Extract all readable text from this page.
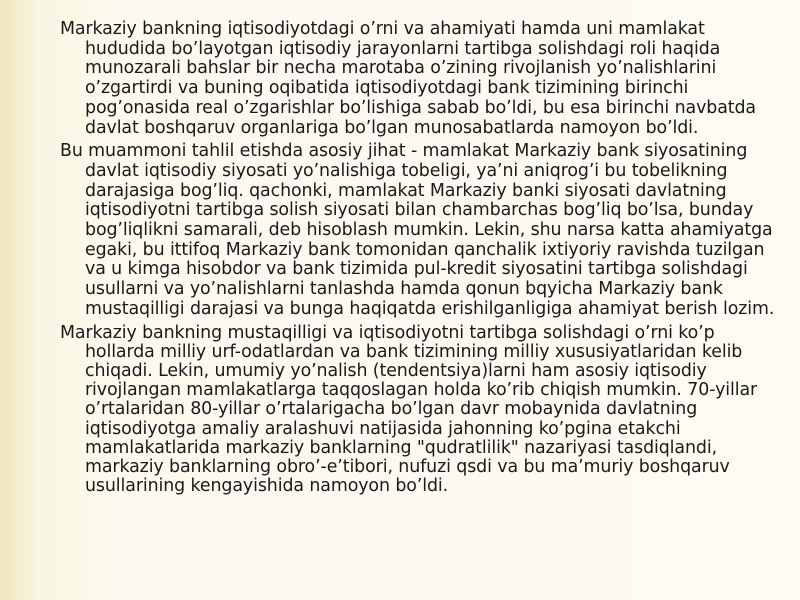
Markaziy bankning iqtisodiyotdagi o’rni va ahamiyati hamda uni mamlakat hududida bo’layotgan iqtisodiy jarayonlarni tartibga solishdagi roli haqida munozarali bahslar bir necha marotaba o’zining rivojlanish yo’nalishlarini o’zgartirdi va buning oqibatida iqtisodiyotdagi bank tizimining birinchi pog’onasida real o’zgarishlar bo’lishiga sabab bo’ldi, bu esa birinchi navbatda davlat boshqaruv organlariga bo’lgan munosabatlarda namoyon bo’ldi.

Bu muammoni tahlil etishda asosiy jihat - mamlakat Markaziy bank siyosatining davlat iqtisodiy siyosati yo’nalishiga tobeligi, ya’ni aniqrog’i bu tobelikning darajasiga bog’liq. qachonki, mamlakat Markaziy banki siyosati davlatning iqtisodiyotni tartibga solish siyosati bilan chambarchas bog’liq bo’lsa, bunday bog’liqlikni samarali, deb hisoblash mumkin. Lekin, shu narsa katta ahamiyatga egaki, bu ittifoq Markaziy bank tomonidan qanchalik ixtiyoriy ravishda tuzilgan va u kimga hisobdor va bank tizimida pul-kredit siyosatini tartibga solishdagi usullarni va yo’nalishlarni tanlashda hamda qonun bqyicha Markaziy bank mustaqilligi darajasi va bunga haqiqatda erishilganligiga ahamiyat berish lozim.

Markaziy bankning mustaqilligi va iqtisodiyotni tartibga solishdagi o’rni ko’p hollarda milliy urf-odatlardan va bank tizimining milliy xususiyatlaridan kelib chiqadi. Lekin, umumiy yo’nalish (tendentsiya)larni ham asosiy iqtisodiy rivojlangan mamlakatlarga taqqoslagan holda ko’rib chiqish mumkin. 70-yillar o’rtalaridan 80-yillar o’rtalarigacha bo’lgan davr mobaynida davlatning iqtisodiyotga amaliy aralashuvi natijasida jahonning ko’pgina etakchi mamlakatlarida markaziy banklarning "qudratlilik" nazariyasi tasdiqlandi, markaziy banklarning obro’-e’tibori, nufuzi qsdi va bu ma’muriy boshqaruv usullarining kengayishida namoyon bo’ldi.
